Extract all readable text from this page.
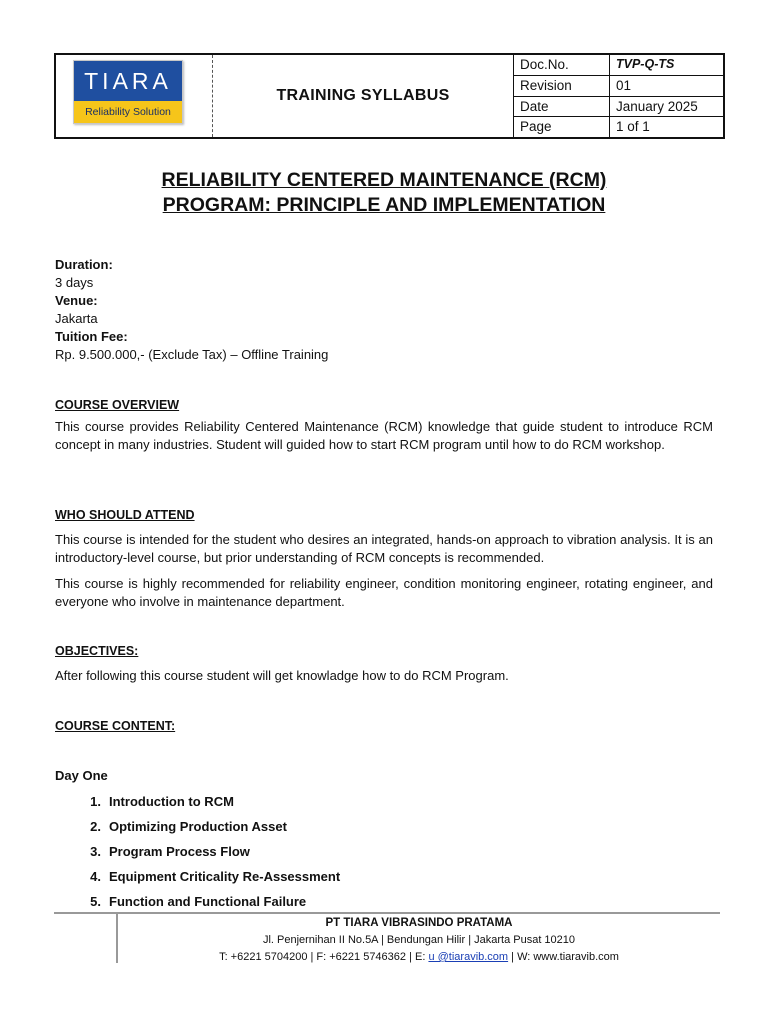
TIARA
Reliability Solution
TRAINING SYLLABUS
Doc.No.	TVP-Q-TS
Revision	01
Date	January 2025
Page	1 of 1
RELIABILITY CENTERED MAINTENANCE (RCM)
PROGRAM: PRINCIPLE AND IMPLEMENTATION
Duration:
3 days
Venue:
Jakarta
Tuition Fee:
Rp. 9.500.000,- (Exclude Tax) – Offline Training
COURSE OVERVIEW
This course provides Reliability Centered Maintenance (RCM) knowledge that guide student to introduce RCM concept in many industries. Student will guided how to start RCM program until how to do RCM workshop.
WHO SHOULD ATTEND
This course is intended for the student who desires an integrated, hands-on approach to vibration analysis. It is an introductory-level course, but prior understanding of RCM concepts is recommended.
This course is highly recommended for reliability engineer, condition monitoring engineer, rotating engineer, and everyone who involve in maintenance department.
OBJECTIVES:
After following this course student will get knowladge how to do RCM Program.
COURSE CONTENT:
Day One
1. Introduction to RCM
2. Optimizing Production Asset
3. Program Process Flow
4. Equipment Criticality Re-Assessment
5. Function and Functional Failure
PT TIARA VIBRASINDO PRATAMA
Jl. Penjernihan II No.5A | Bendungan Hilir | Jakarta Pusat 10210
T: +6221 5704200 | F: +6221 5746362 | E: u @tiaravib.com | W: www.tiaravib.com
